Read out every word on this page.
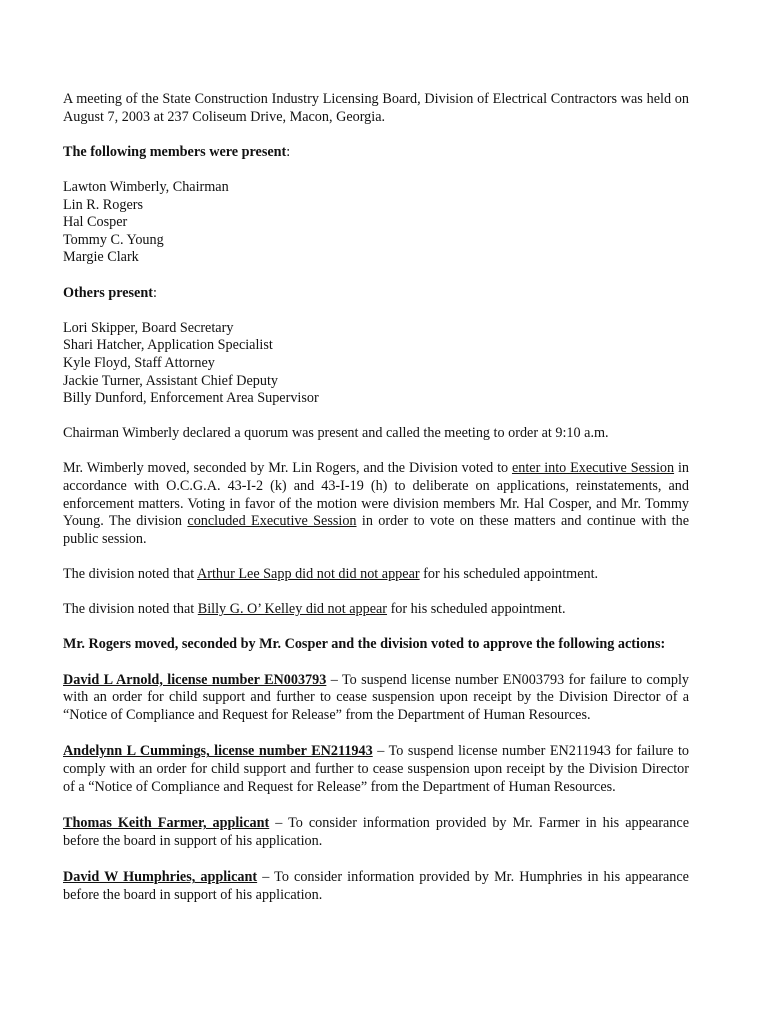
A meeting of the State Construction Industry Licensing Board, Division of Electrical Contractors was held on August 7, 2003 at 237 Coliseum Drive, Macon, Georgia.

The following members were present:

Lawton Wimberly, Chairman
Lin R. Rogers
Hal Cosper
Tommy C. Young
Margie Clark

Others present:

Lori Skipper, Board Secretary
Shari Hatcher, Application Specialist
Kyle Floyd, Staff Attorney
Jackie Turner, Assistant Chief Deputy
Billy Dunford, Enforcement Area Supervisor

Chairman Wimberly declared a quorum was present and called the meeting to order at 9:10 a.m.

Mr. Wimberly moved, seconded by Mr. Lin Rogers, and the Division voted to enter into Executive Session in accordance with O.C.G.A. 43-I-2 (k) and 43-I-19 (h) to deliberate on applications, reinstatements, and enforcement matters. Voting in favor of the motion were division members Mr. Hal Cosper, and Mr. Tommy Young. The division concluded Executive Session in order to vote on these matters and continue with the public session.

The division noted that Arthur Lee Sapp did not did not appear for his scheduled appointment.

The division noted that Billy G. O’ Kelley did not appear for his scheduled appointment.

Mr. Rogers moved, seconded by Mr. Cosper and the division voted to approve the following actions:

David L Arnold, license number EN003793 – To suspend license number EN003793 for failure to comply with an order for child support and further to cease suspension upon receipt by the Division Director of a “Notice of Compliance and Request for Release” from the Department of Human Resources.

Andelynn L Cummings, license number EN211943 – To suspend license number EN211943 for failure to comply with an order for child support and further to cease suspension upon receipt by the Division Director of a “Notice of Compliance and Request for Release” from the Department of Human Resources.

Thomas Keith Farmer, applicant – To consider information provided by Mr. Farmer in his appearance before the board in support of his application.

David W Humphries, applicant – To consider information provided by Mr. Humphries in his appearance before the board in support of his application.
